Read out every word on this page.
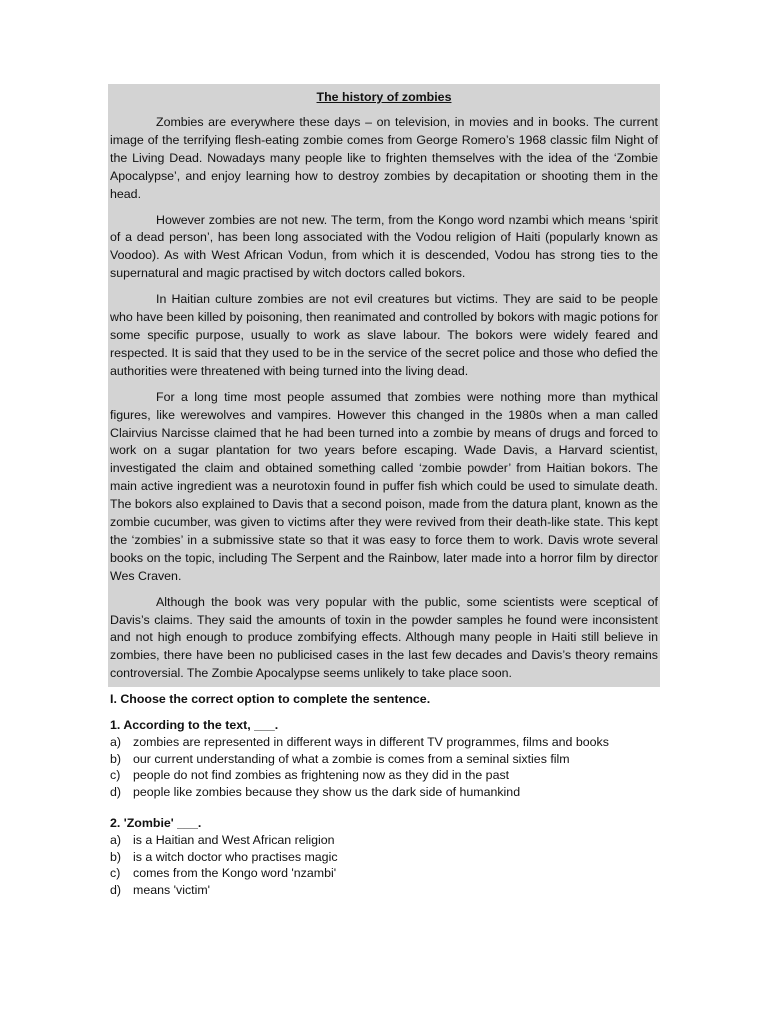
The history of zombies

Zombies are everywhere these days – on television, in movies and in books. The current image of the terrifying flesh-eating zombie comes from George Romero’s 1968 classic film Night of the Living Dead. Nowadays many people like to frighten themselves with the idea of the ‘Zombie Apocalypse’, and enjoy learning how to destroy zombies by decapitation or shooting them in the head.

However zombies are not new. The term, from the Kongo word nzambi which means ‘spirit of a dead person’, has been long associated with the Vodou religion of Haiti (popularly known as Voodoo). As with West African Vodun, from which it is descended, Vodou has strong ties to the supernatural and magic practised by witch doctors called bokors.

In Haitian culture zombies are not evil creatures but victims. They are said to be people who have been killed by poisoning, then reanimated and controlled by bokors with magic potions for some specific purpose, usually to work as slave labour. The bokors were widely feared and respected. It is said that they used to be in the service of the secret police and those who defied the authorities were threatened with being turned into the living dead.

For a long time most people assumed that zombies were nothing more than mythical figures, like werewolves and vampires. However this changed in the 1980s when a man called Clairvius Narcisse claimed that he had been turned into a zombie by means of drugs and forced to work on a sugar plantation for two years before escaping. Wade Davis, a Harvard scientist, investigated the claim and obtained something called ‘zombie powder’ from Haitian bokors. The main active ingredient was a neurotoxin found in puffer fish which could be used to simulate death. The bokors also explained to Davis that a second poison, made from the datura plant, known as the zombie cucumber, was given to victims after they were revived from their death-like state. This kept the ‘zombies’ in a submissive state so that it was easy to force them to work. Davis wrote several books on the topic, including The Serpent and the Rainbow, later made into a horror film by director Wes Craven.

Although the book was very popular with the public, some scientists were sceptical of Davis’s claims. They said the amounts of toxin in the powder samples he found were inconsistent and not high enough to produce zombifying effects. Although many people in Haiti still believe in zombies, there have been no publicised cases in the last few decades and Davis’s theory remains controversial. The Zombie Apocalypse seems unlikely to take place soon.

I. Choose the correct option to complete the sentence.

1. According to the text, ___.

a) zombies are represented in different ways in different TV programmes, films and books
b) our current understanding of what a zombie is comes from a seminal sixties film
c)	people do not find zombies as frightening now as they did in the past
d) people like zombies because they show us the dark side of humankind

2. 'Zombie' ___.

a) is a Haitian and West African religion
b) is a witch doctor who practises magic
c)	comes from the Kongo word 'nzambi'
d) means 'victim'
